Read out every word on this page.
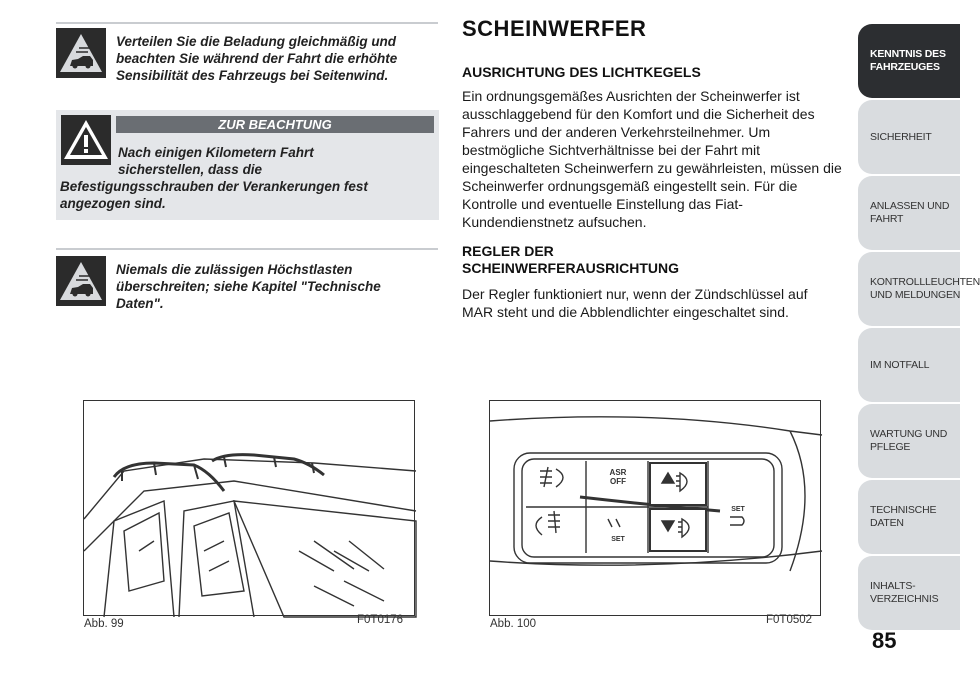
Verteilen Sie die Beladung gleichmäßig und beachten Sie während der Fahrt die erhöhte Sensibilität des Fahrzeugs bei Seitenwind.
ZUR BEACHTUNG
Nach einigen Kilometern Fahrt
sicherstellen, dass die
Befestigungsschrauben der Verankerungen fest
angezogen sind.
Niemals die zulässigen Höchstlasten überschreiten; siehe Kapitel "Technische Daten".
SCHEINWERFER
AUSRICHTUNG DES LICHTKEGELS
Ein ordnungsgemäßes Ausrichten der Scheinwerfer ist ausschlaggebend für den Komfort und die Sicherheit des Fahrers und der anderen Verkehrsteilnehmer. Um bestmögliche Sichtverhältnisse bei der Fahrt mit eingeschalteten Scheinwerfern zu gewährleisten, müssen die Scheinwerfer ordnungsgemäß eingestellt sein. Für die Kontrolle und eventuelle Einstellung das Fiat-Kundendienstnetz aufsuchen.
REGLER DER
SCHEINWERFERAUSRICHTUNG
Der Regler funktioniert nur, wenn der Zündschlüssel auf MAR steht und die Abblendlichter eingeschaltet sind.
Abb. 99	F0T0176
ASR
OFF
SET
SET
Abb. 100	F0T0502
KENNTNIS DES
FAHRZEUGES
SICHERHEIT
ANLASSEN UND
FAHRT
KONTROLLLEUCHTEN
UND MELDUNGEN
IM NOTFALL
WARTUNG UND
PFLEGE
TECHNISCHE DATEN
INHALTS-
VERZEICHNIS
85
